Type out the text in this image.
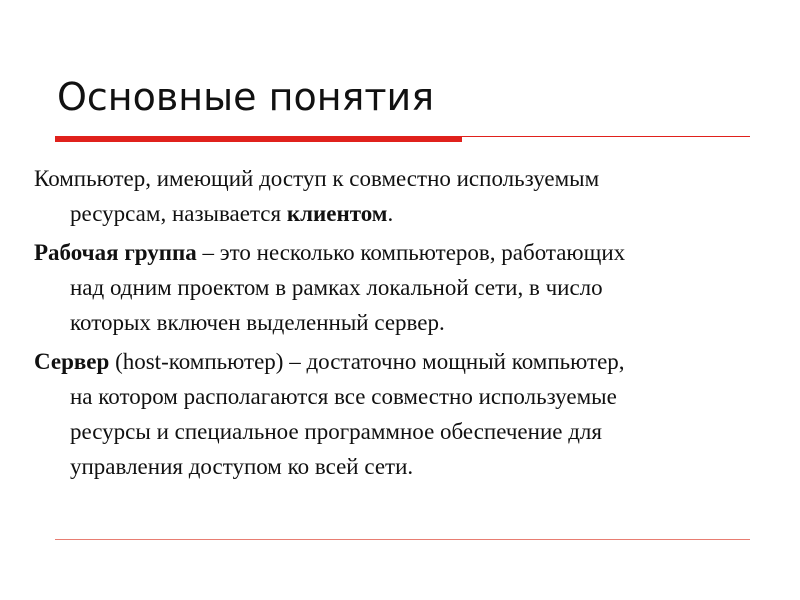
Основные понятия

Компьютер, имеющий доступ к совместно используемым
ресурсам, называется клиентом.

Рабочая группа – это несколько компьютеров, работающих
над одним проектом в рамках локальной сети, в число
которых включен выделенный сервер.

Сервер (host-компьютер) – достаточно мощный компьютер,
на котором располагаются все совместно используемые
ресурсы и специальное программное обеспечение для
управления доступом ко всей сети.
